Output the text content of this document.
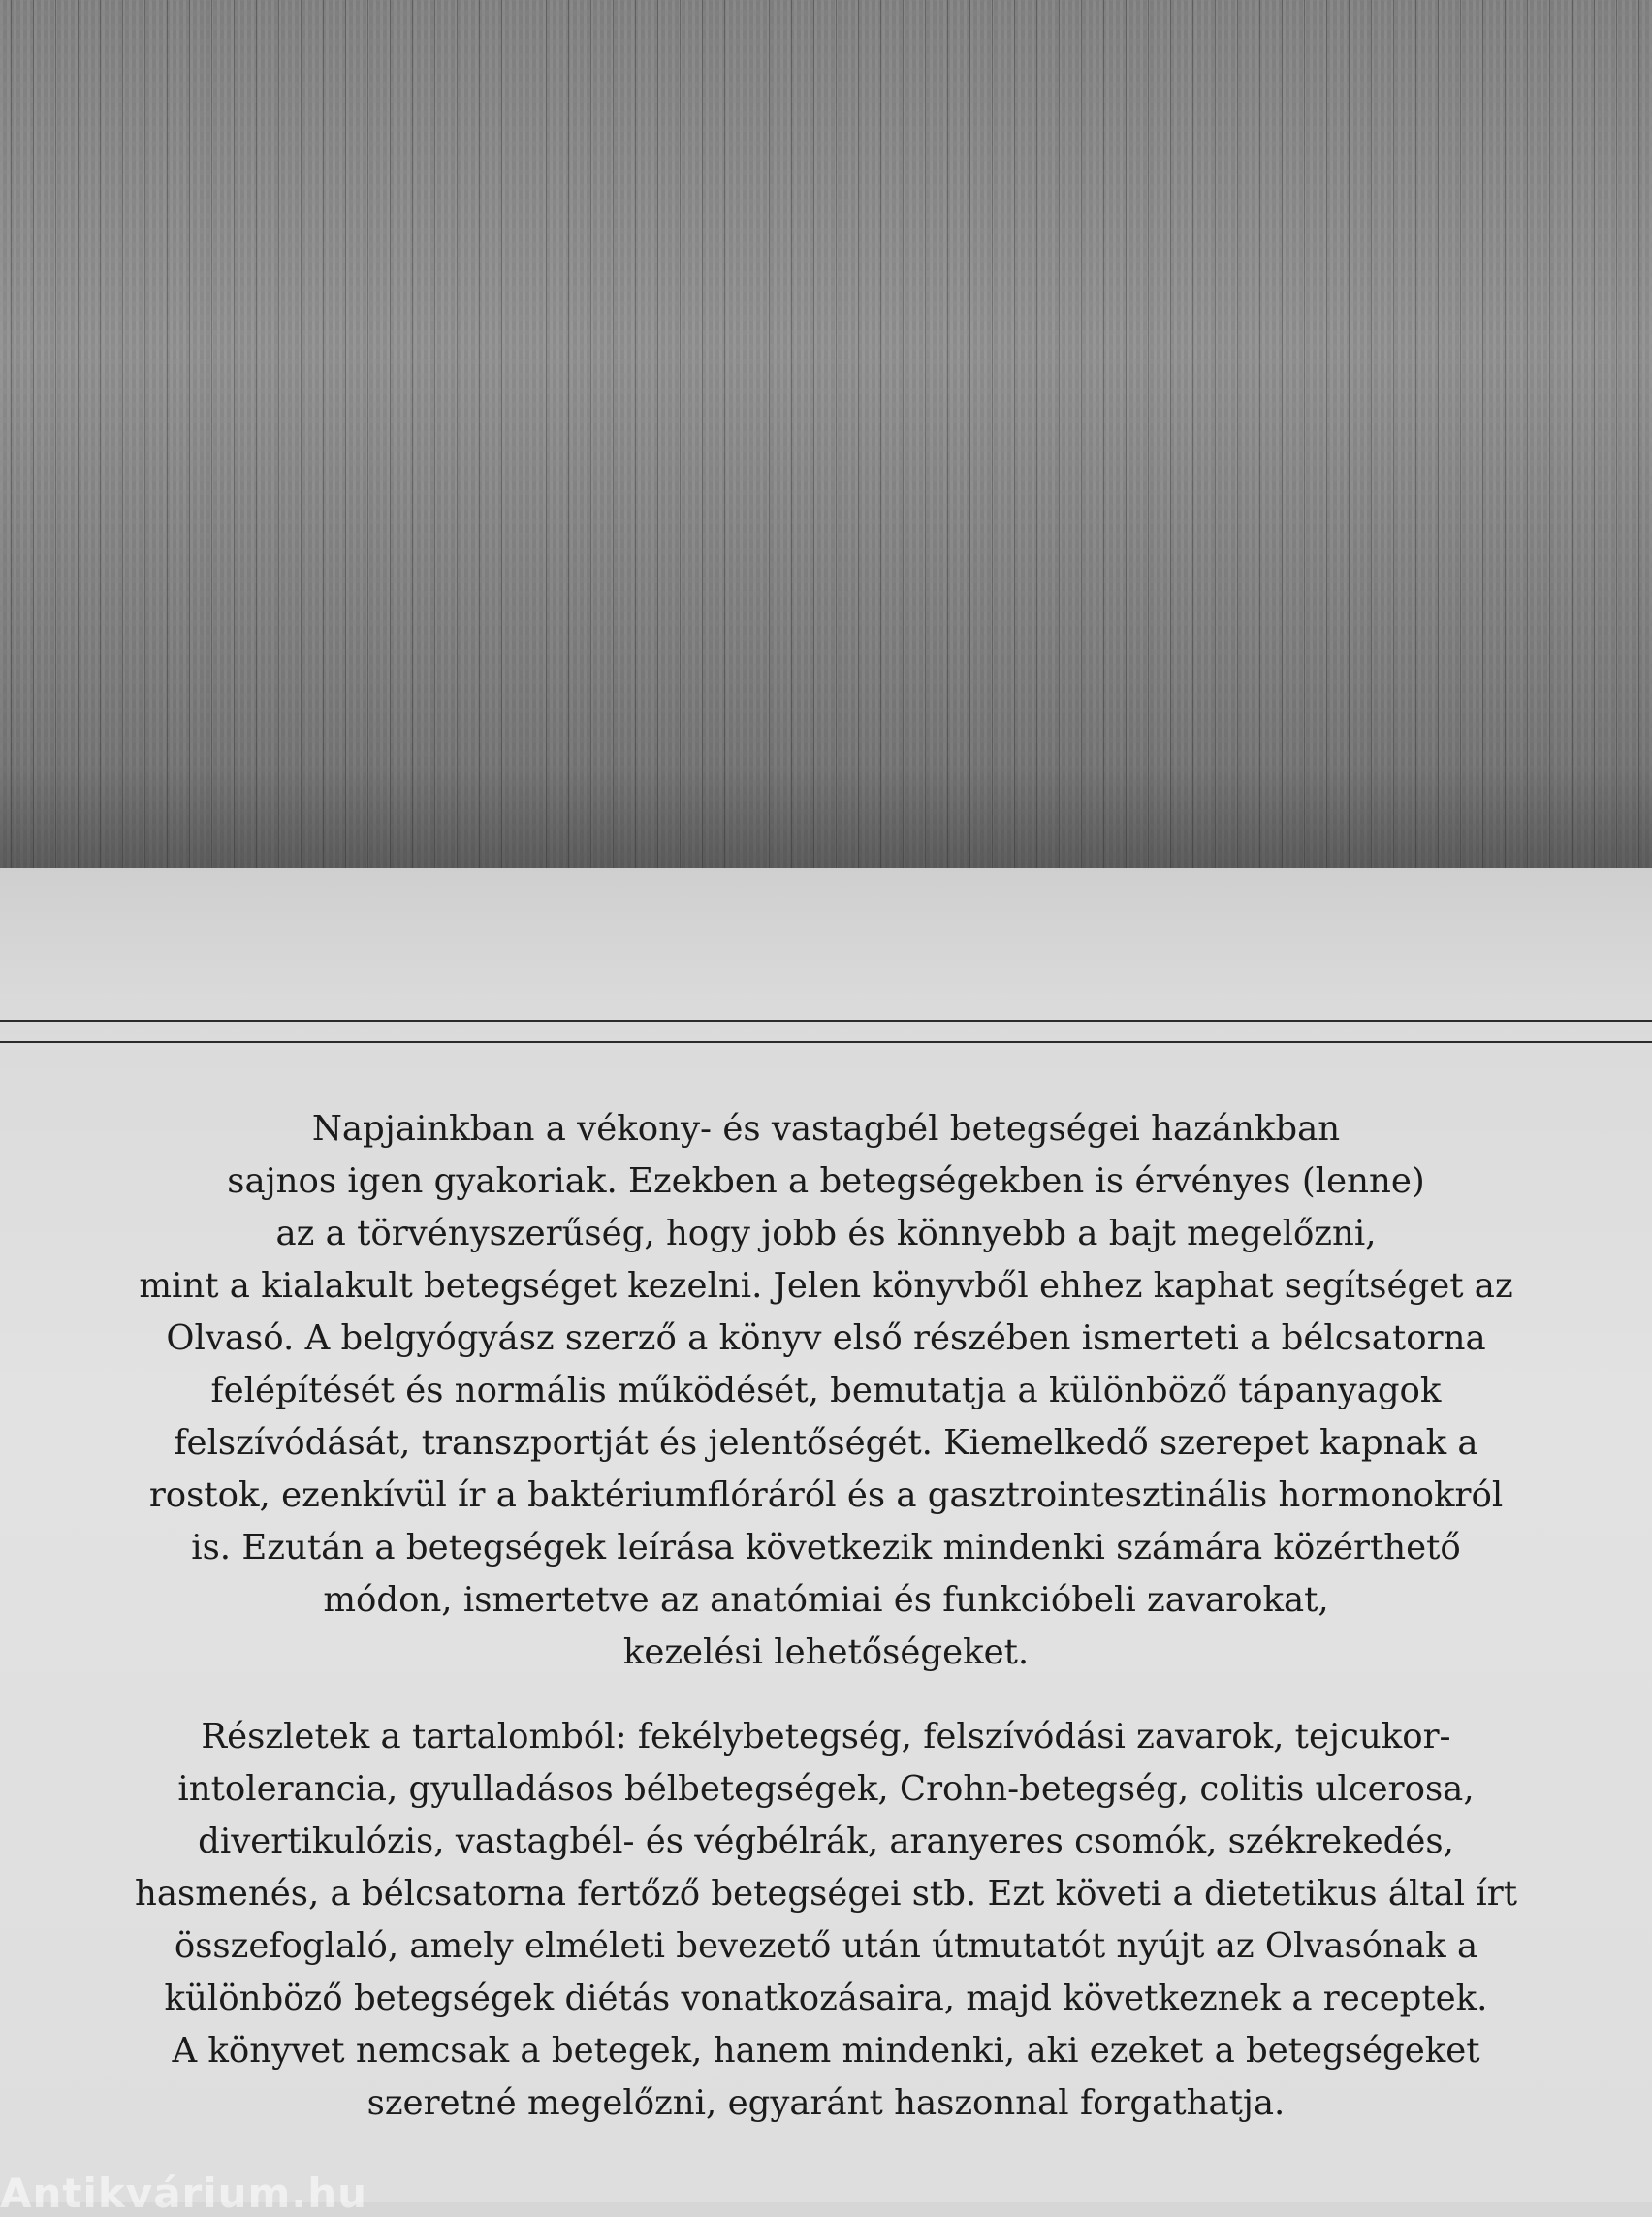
Napjainkban a vékony- és vastagbél betegségei hazánkban
sajnos igen gyakoriak. Ezekben a betegségekben is érvényes (lenne)
az a törvényszerűség, hogy jobb és könnyebb a bajt megelőzni,
mint a kialakult betegséget kezelni. Jelen könyvből ehhez kaphat segítséget az
Olvasó. A belgyógyász szerző a könyv első részében ismerteti a bélcsatorna
felépítését és normális működését, bemutatja a különböző tápanyagok
felszívódását, transzportját és jelentőségét. Kiemelkedő szerepet kapnak a
rostok, ezenkívül ír a baktériumflóráról és a gasztrointesztinális hormonokról
is. Ezután a betegségek leírása következik mindenki számára közérthető
módon, ismertetve az anatómiai és funkcióbeli zavarokat,
kezelési lehetőségeket.
Részletek a tartalomból: fekélybetegség, felszívódási zavarok, tejcukor-
intolerancia, gyulladásos bélbetegségek, Crohn-betegség, colitis ulcerosa,
divertikulózis, vastagbél- és végbélrák, aranyeres csomók, székrekedés,
hasmenés, a bélcsatorna fertőző betegségei stb. Ezt követi a dietetikus által írt
összefoglaló, amely elméleti bevezető után útmutatót nyújt az Olvasónak a
különböző betegségek diétás vonatkozásaira, majd következnek a receptek.
A könyvet nemcsak a betegek, hanem mindenki, aki ezeket a betegségeket
szeretné megelőzni, egyaránt haszonnal forgathatja.
Antikvárium.hu
